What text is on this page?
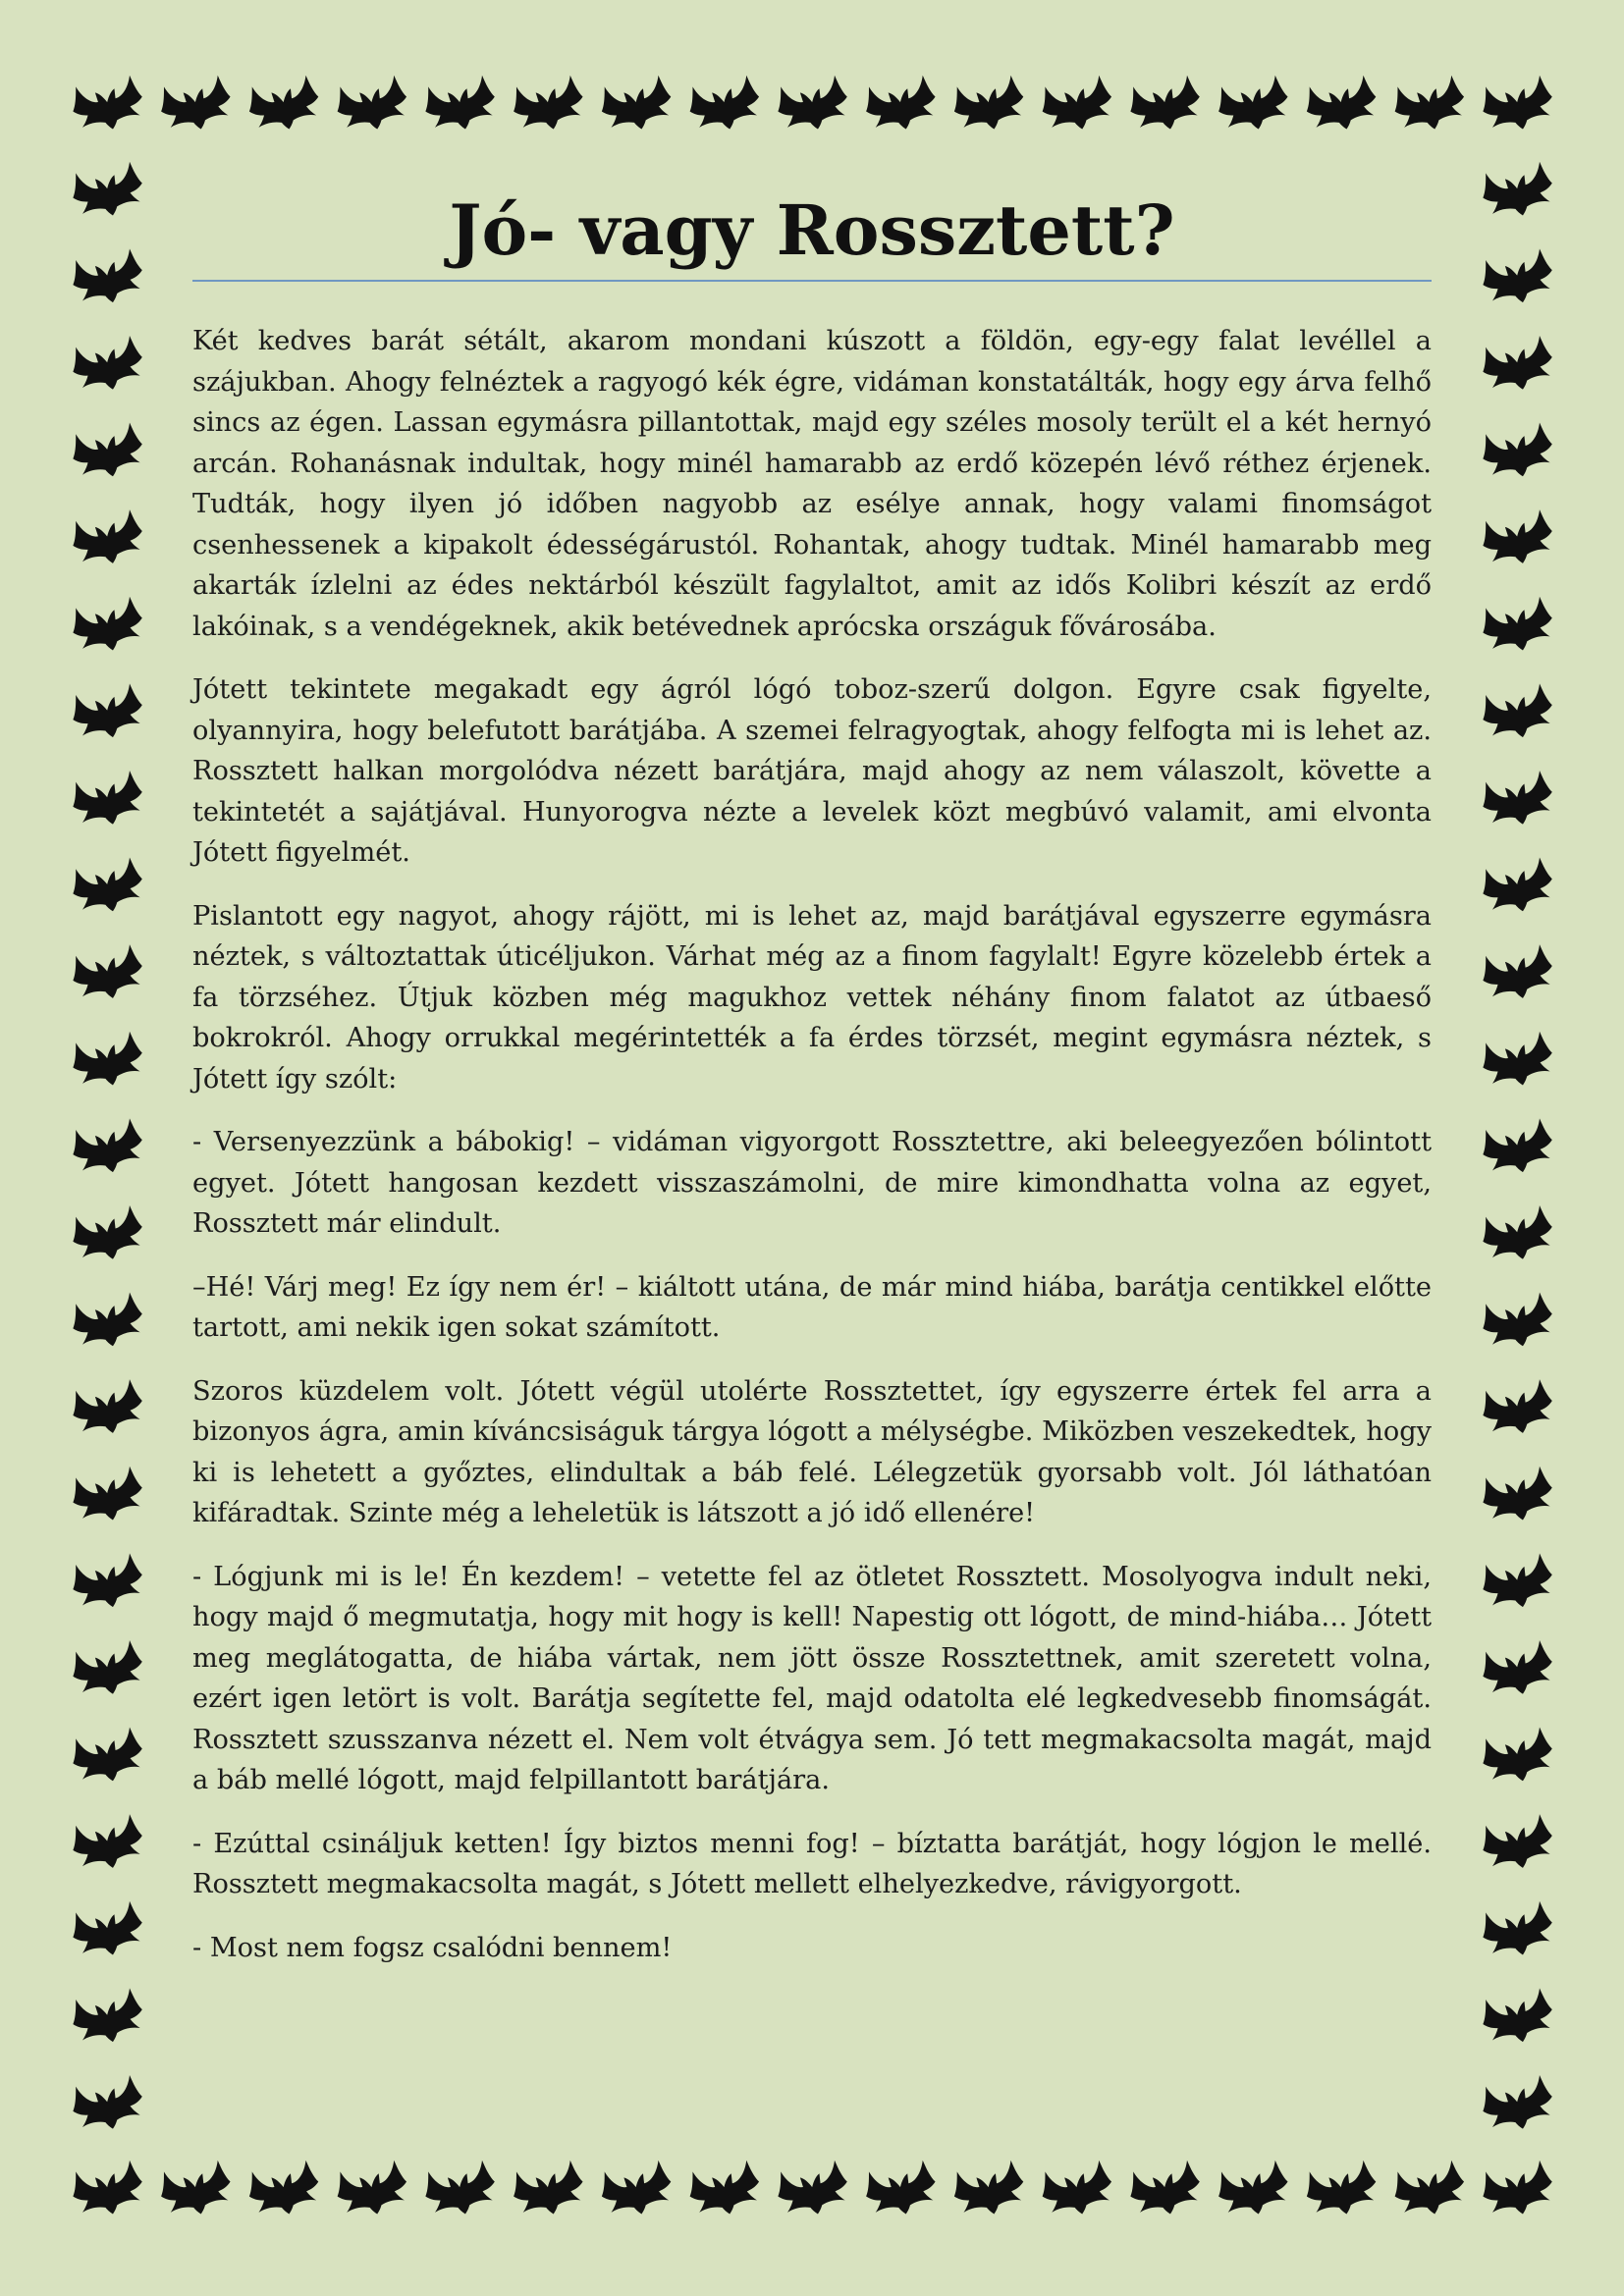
Jó- vagy Rossztett?

Két kedves barát sétált, akarom mondani kúszott a földön, egy-egy falat levéllel a szájukban. Ahogy felnéztek a ragyogó kék égre, vidáman konstatálták, hogy egy árva felhő sincs az égen. Lassan egymásra pillantottak, majd egy széles mosoly terült el a két hernyó arcán. Rohanásnak indultak, hogy minél hamarabb az erdő közepén lévő réthez érjenek. Tudták, hogy ilyen jó időben nagyobb az esélye annak, hogy valami finomságot csenhessenek a kipakolt édességárustól. Rohantak, ahogy tudtak. Minél hamarabb meg akarták ízlelni az édes nektárból készült fagylaltot, amit az idős Kolibri készít az erdő lakóinak, s a vendégeknek, akik betévednek aprócska országuk fővárosába.

Jótett tekintete megakadt egy ágról lógó toboz-szerű dolgon. Egyre csak figyelte, olyannyira, hogy belefutott barátjába. A szemei felragyogtak, ahogy felfogta mi is lehet az. Rossztett halkan morgolódva nézett barátjára, majd ahogy az nem válaszolt, követte a tekintetét a sajátjával. Hunyorogva nézte a levelek közt megbúvó valamit, ami elvonta Jótett figyelmét.

Pislantott egy nagyot, ahogy rájött, mi is lehet az, majd barátjával egyszerre egymásra néztek, s változtattak úticéljukon. Várhat még az a finom fagylalt! Egyre közelebb értek a fa törzséhez. Útjuk közben még magukhoz vettek néhány finom falatot az útbaeső bokrokról. Ahogy orrukkal megérintették a fa érdes törzsét, megint egymásra néztek, s Jótett így szólt:

- Versenyezzünk a bábokig! – vidáman vigyorgott Rossztettre, aki beleegyezően bólintott egyet. Jótett hangosan kezdett visszaszámolni, de mire kimondhatta volna az egyet, Rossztett már elindult.

–Hé! Várj meg! Ez így nem ér! – kiáltott utána, de már mind hiába, barátja centikkel előtte tartott, ami nekik igen sokat számított.

Szoros küzdelem volt. Jótett végül utolérte Rossztettet, így egyszerre értek fel arra a bizonyos ágra, amin kíváncsiságuk tárgya lógott a mélységbe. Miközben veszekedtek, hogy ki is lehetett a győztes, elindultak a báb felé. Lélegzetük gyorsabb volt. Jól láthatóan kifáradtak. Szinte még a leheletük is látszott a jó idő ellenére!

- Lógjunk mi is le! Én kezdem! – vetette fel az ötletet Rossztett. Mosolyogva indult neki, hogy majd ő megmutatja, hogy mit hogy is kell! Napestig ott lógott, de mind-hiába… Jótett meg meglátogatta, de hiába vártak, nem jött össze Rossztettnek, amit szeretett volna, ezért igen letört is volt. Barátja segítette fel, majd odatolta elé legkedvesebb finomságát. Rossztett szusszanva nézett el. Nem volt étvágya sem. Jó tett megmakacsolta magát, majd a báb mellé lógott, majd felpillantott barátjára.

- Ezúttal csináljuk ketten! Így biztos menni fog! – bíztatta barátját, hogy lógjon le mellé. Rossztett megmakacsolta magát, s Jótett mellett elhelyezkedve, rávigyorgott.

- Most nem fogsz csalódni bennem!
